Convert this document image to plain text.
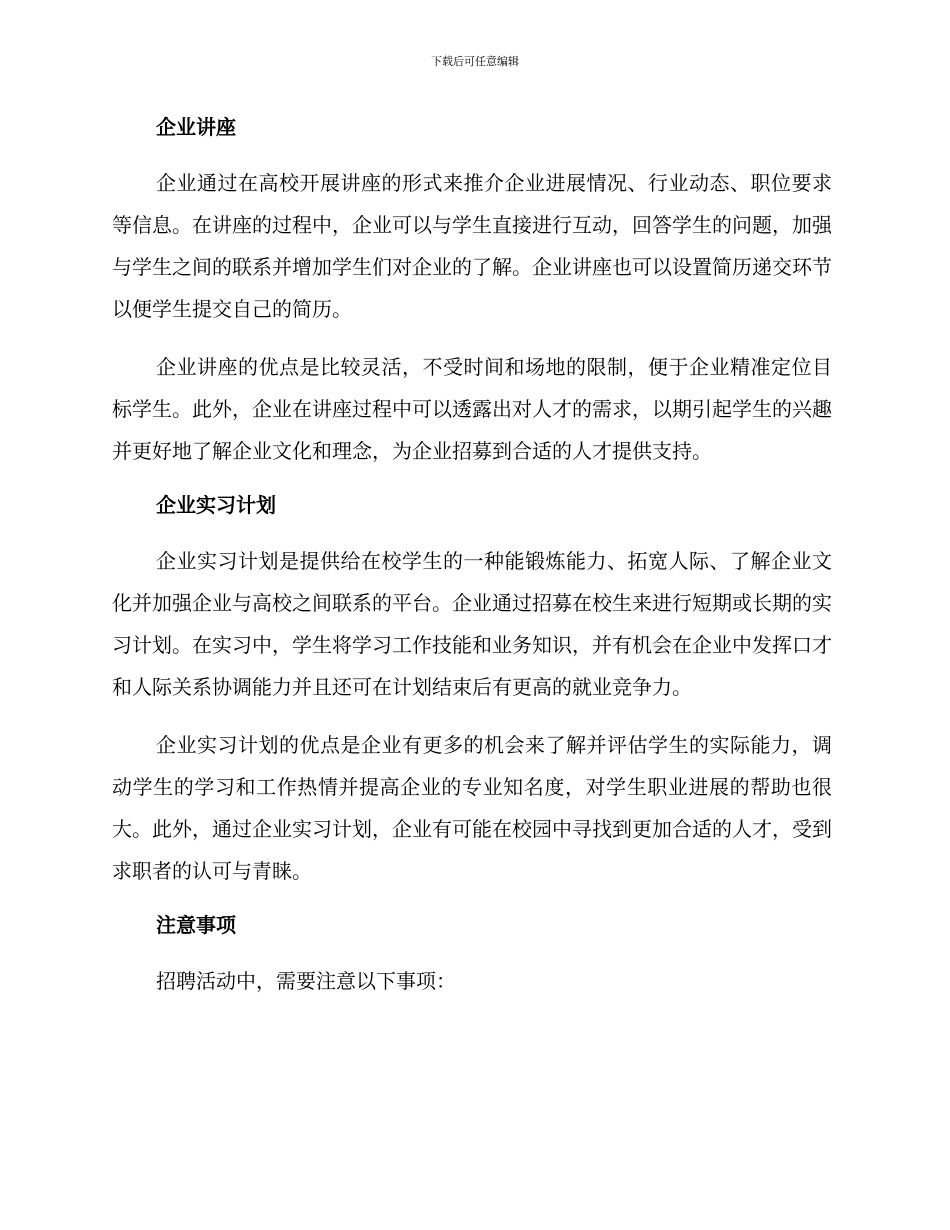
下载后可任意编辑
企业讲座

企业通过在高校开展讲座的形式来推介企业进展情况、行业动态、职位要求等信息。在讲座的过程中，企业可以与学生直接进行互动，回答学生的问题，加强与学生之间的联系并增加学生们对企业的了解。企业讲座也可以设置简历递交环节以便学生提交自己的简历。

企业讲座的优点是比较灵活，不受时间和场地的限制，便于企业精准定位目标学生。此外，企业在讲座过程中可以透露出对人才的需求，以期引起学生的兴趣并更好地了解企业文化和理念，为企业招募到合适的人才提供支持。

企业实习计划

企业实习计划是提供给在校学生的一种能锻炼能力、拓宽人际、了解企业文化并加强企业与高校之间联系的平台。企业通过招募在校生来进行短期或长期的实习计划。在实习中，学生将学习工作技能和业务知识，并有机会在企业中发挥口才和人际关系协调能力并且还可在计划结束后有更高的就业竞争力。

企业实习计划的优点是企业有更多的机会来了解并评估学生的实际能力，调动学生的学习和工作热情并提高企业的专业知名度，对学生职业进展的帮助也很大。此外，通过企业实习计划，企业有可能在校园中寻找到更加合适的人才，受到求职者的认可与青睐。

注意事项

招聘活动中，需要注意以下事项：
